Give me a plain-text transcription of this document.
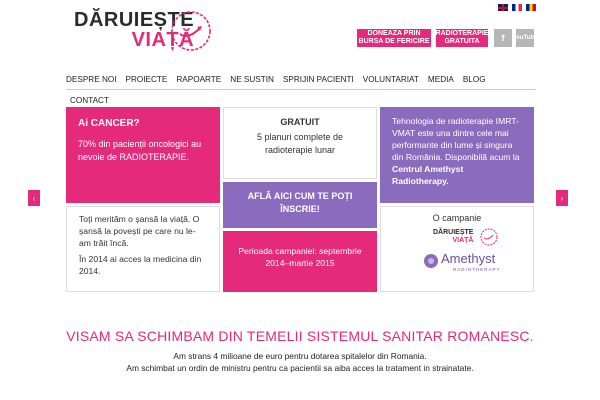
DĂRUIEȘTE
VIAȚĂ	DONEAZA PRIN BURSA DE FERICIRE
RADIOTERAPIE GRATUITA	f	YouTube
DESPRE NOI PROIECTE RAPOARTE NE SUSTIN SPRIJIN PACIENTI VOLUNTARIAT MEDIA BLOG
CONTACT
‹	›
Ai CANCER?
70% din pacienții oncologici au nevoie de RADIOTERAPIE.
GRATUIT
5 planuri complete de radioterapie lunar
Tehnologia de radioterapie IMRT-VMAT este una dintre cele mai performante din lume și singura din România. Disponibilă acum la Centrul Amethyst Radiotherapy.
AFLĂ AICI CUM TE POȚI ÎNSCRIE!
Toți merităm o șansă la viață. O șansă la povești pe care nu le-am trăit încă.
În 2014 ai acces la medicina din 2014.
Perioada campaniei: septembrie 2014–martie 2015
O campanie
DĂRUIEȘTE
VIAȚĂ
Amethyst
RADIOTHERAPY
VISAM SA SCHIMBAM DIN TEMELII SISTEMUL SANITAR ROMANESC.
Am strans 4 milioane de euro pentru dotarea spitalelor din Romania.
Am schimbat un ordin de ministru pentru ca pacientii sa aiba acces la tratament in strainatate.
